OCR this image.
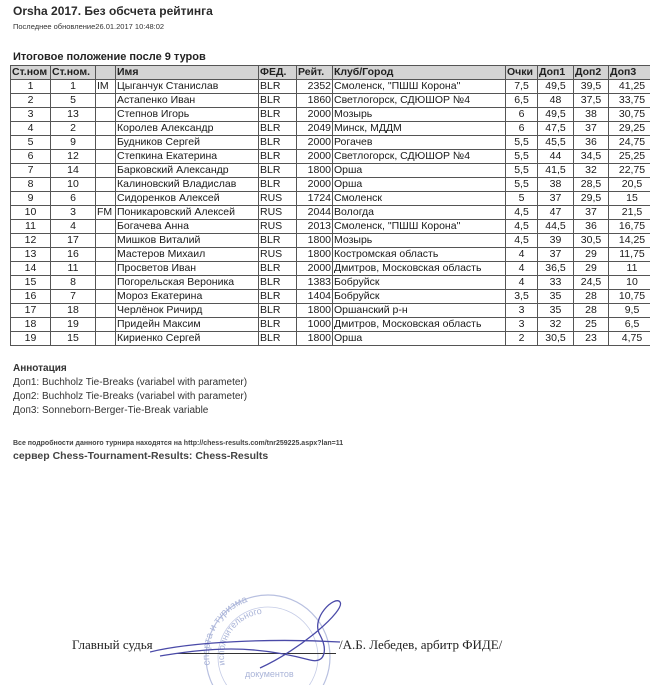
Orsha 2017. Без обсчета рейтинга
Последнее обновление26.01.2017 10:48:02
Итоговое положение после 9 туров
Ст.ном	Ст.ном.		Имя	ФЕД.	Рейт.	Клуб/Город	Очки	Доп1	Доп2	Доп3
1	1	IM	Цыганчук Станислав	BLR	2352	Смоленск, "ПШШ Корона"	7,5	49,5	39,5	41,25
2	5		Астапенко Иван	BLR	1860	Светлогорск, СДЮШОР №4	6,5	48	37,5	33,75
3	13		Степнов Игорь	BLR	2000	Мозырь	6	49,5	38	30,75
4	2		Королев Александр	BLR	2049	Минск, МДДМ	6	47,5	37	29,25
5	9		Будников Сергей	BLR	2000	Рогачев	5,5	45,5	36	24,75
6	12		Степкина Екатерина	BLR	2000	Светлогорск, СДЮШОР №4	5,5	44	34,5	25,25
7	14		Барковский Александр	BLR	1800	Орша	5,5	41,5	32	22,75
8	10		Калиновский Владислав	BLR	2000	Орша	5,5	38	28,5	20,5
9	6		Сидоренков Алексей	RUS	1724	Смоленск	5	37	29,5	15
10	3	FM	Поникаровский Алексей	RUS	2044	Вологда	4,5	47	37	21,5
11	4		Богачева Анна	RUS	2013	Смоленск, "ПШШ Корона"	4,5	44,5	36	16,75
12	17		Мишков Виталий	BLR	1800	Мозырь	4,5	39	30,5	14,25
13	16		Мастеров Михаил	RUS	1800	Костромская область	4	37	29	11,75
14	11		Просветов Иван	BLR	2000	Дмитров, Московская область	4	36,5	29	11
15	8		Погорельская Вероника	BLR	1383	Бобруйск	4	33	24,5	10
16	7		Мороз Екатерина	BLR	1404	Бобруйск	3,5	35	28	10,75
17	18		Черлёнок Ричирд	BLR	1800	Оршанский р-н	3	35	28	9,5
18	19		Придейн Максим	BLR	1000	Дмитров, Московская область	3	32	25	6,5
19	15		Кириенко Сергей	BLR	1800	Орша	2	30,5	23	4,75
Аннотация
Доп1: Buchholz Tie-Breaks (variabel with parameter)
Доп2: Buchholz Tie-Breaks (variabel with parameter)
Доп3: Sonneborn-Berger-Tie-Break variable
Все подробности данного турнира находятся на http://chess-results.com/tnr259225.aspx?lan=11
сервер Chess-Tournament-Results: Chess-Results
спорта и туризма
исполнительного
документов
Главный судья	/А.Б. Лебедев, арбитр ФИДЕ/
